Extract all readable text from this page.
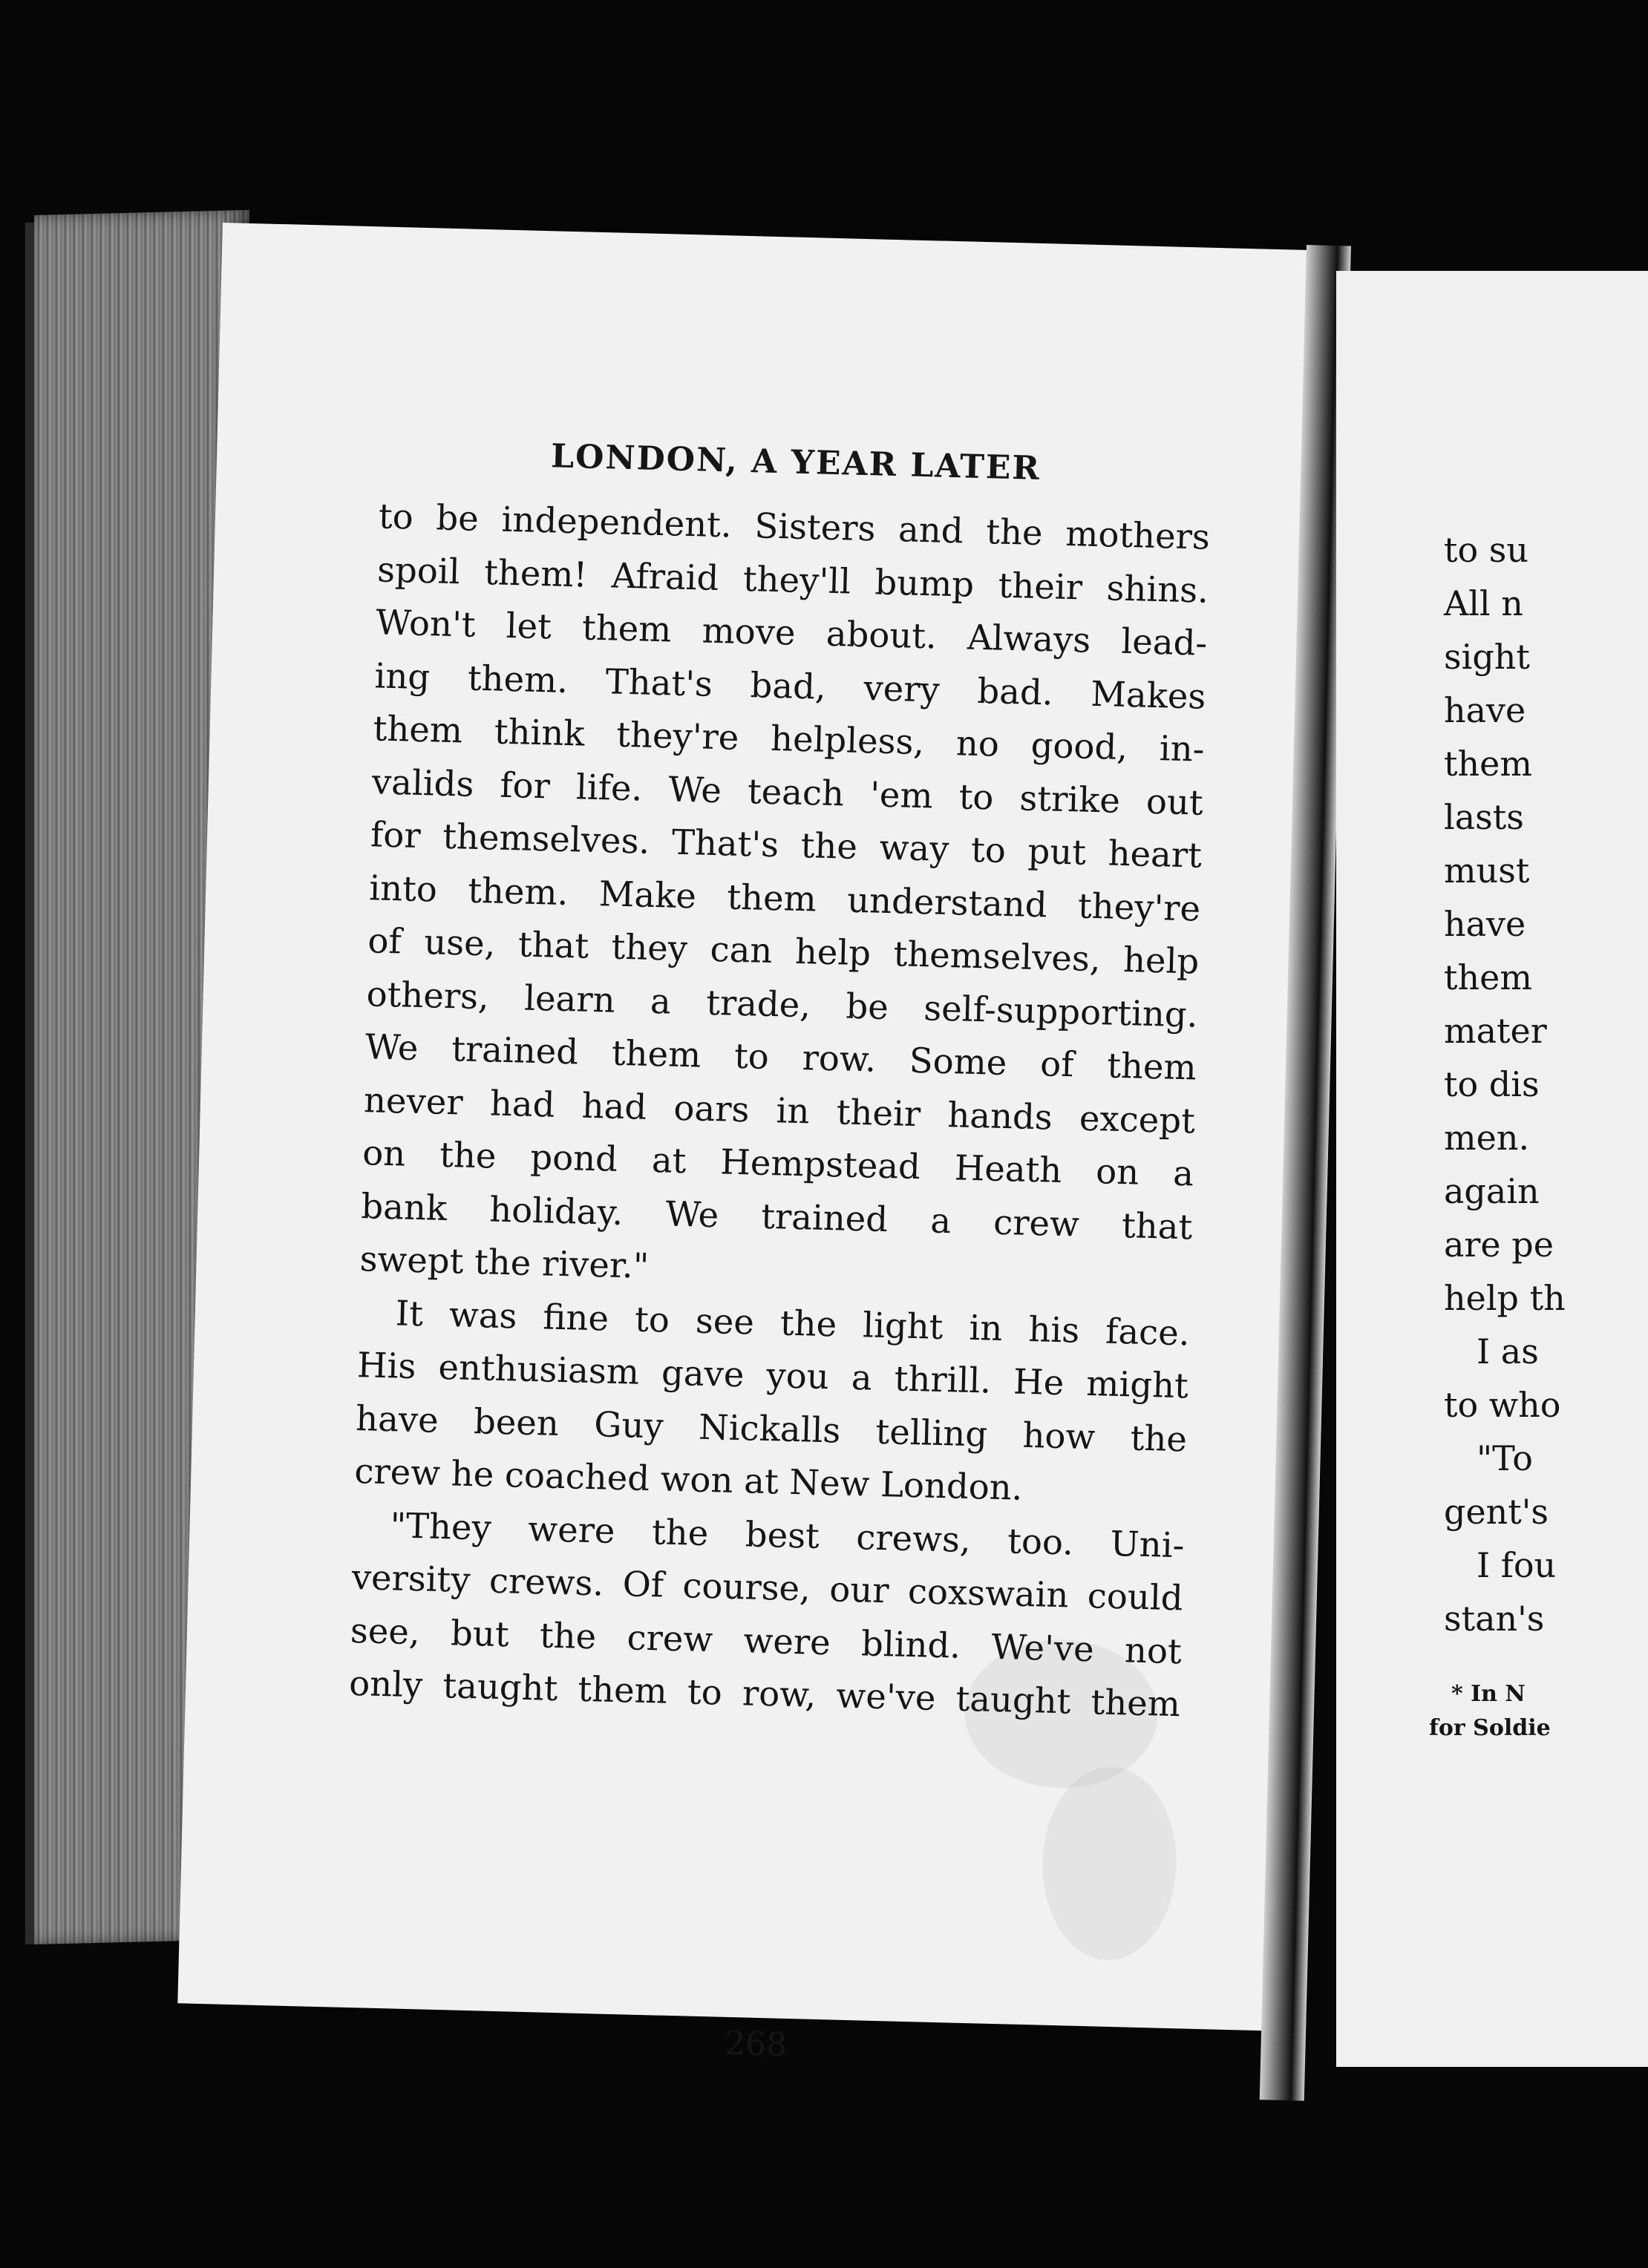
LONDON, A YEAR LATER

to be independent. Sisters and the mothers
spoil them! Afraid they'll bump their shins.
Won't let them move about. Always lead-
ing them. That's bad, very bad. Makes
them think they're helpless, no good, in-
valids for life. We teach 'em to strike out
for themselves. That's the way to put heart
into them. Make them understand they're
of use, that they can help themselves, help
others, learn a trade, be self-supporting.
We trained them to row. Some of them
never had had oars in their hands except
on the pond at Hempstead Heath on a
bank holiday. We trained a crew that
swept the river."

It was fine to see the light in his face.
His enthusiasm gave you a thrill. He might
have been Guy Nickalls telling how the
crew he coached won at New London.

"They were the best crews, too. Uni-
versity crews. Of course, our coxswain could
see, but the crew were blind. We've not
only taught them to row, we've taught them

268
to su
All n
sight
have
them
lasts
must
have
them
mater
to dis
men.
again
are pe
help th
I as
to who
"To
gent's
I fou
stan's
* In N
for Soldie
